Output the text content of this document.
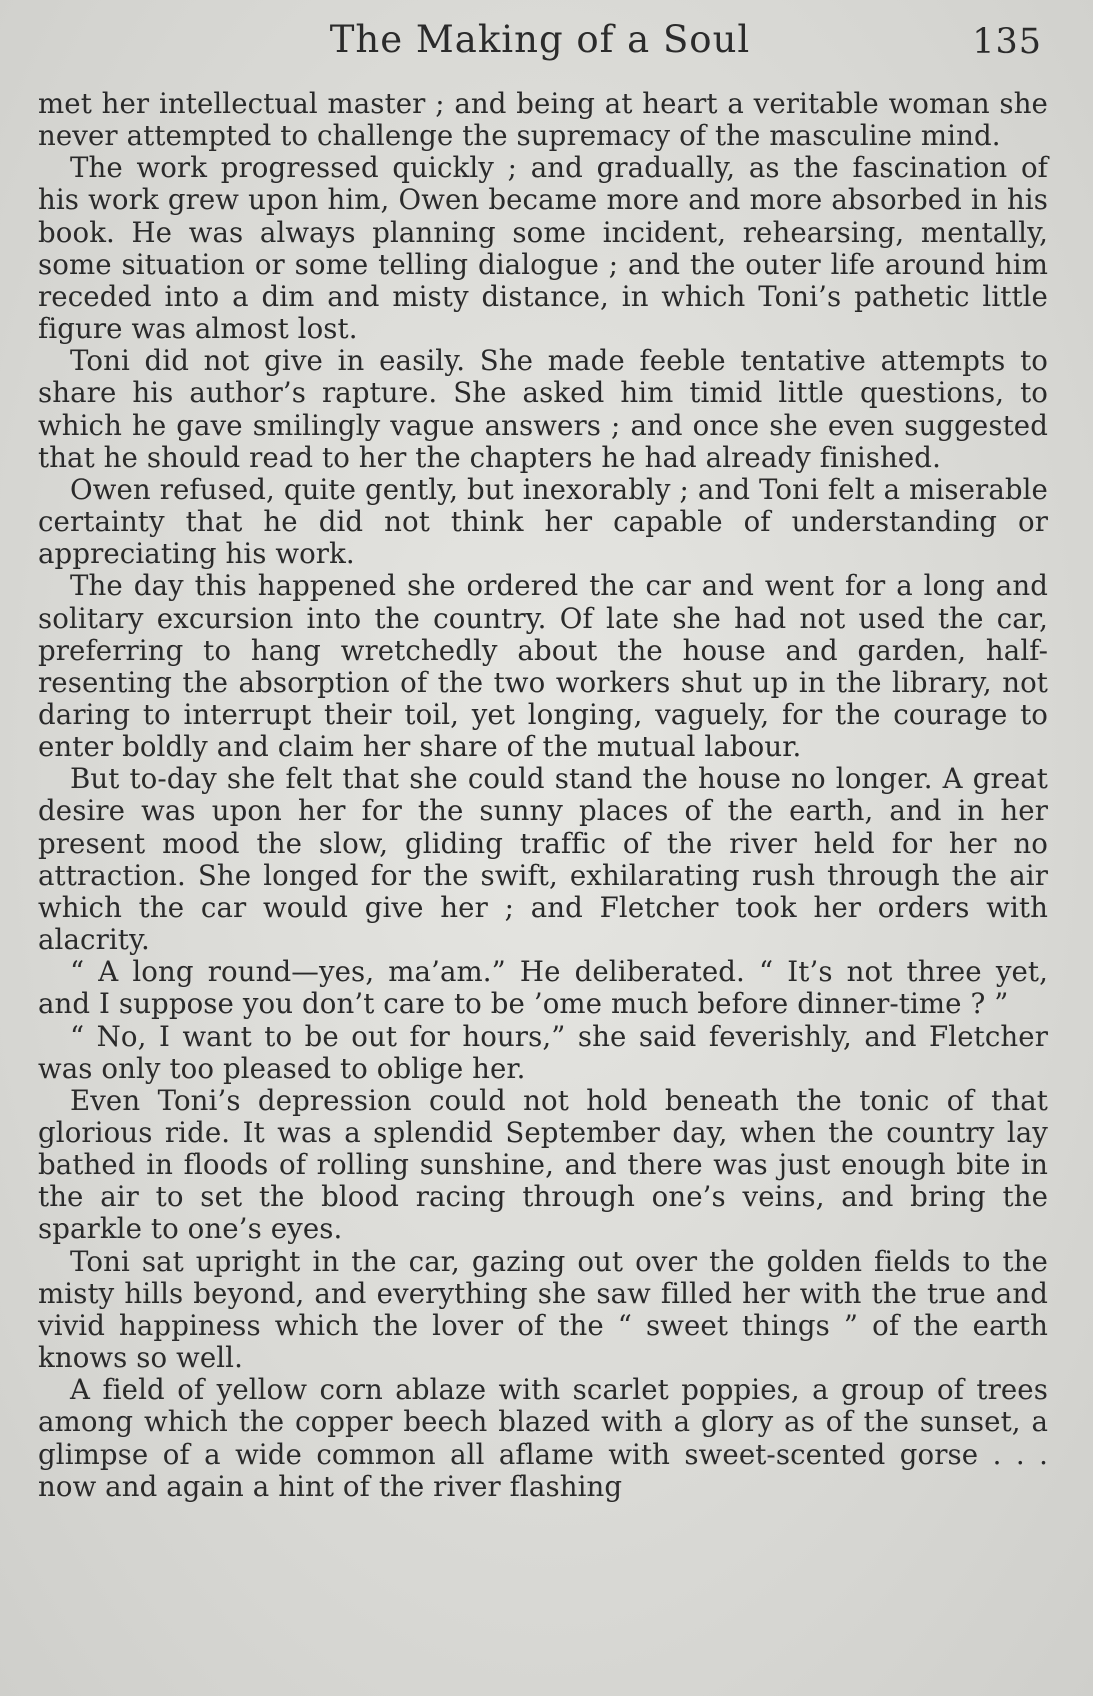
The Making of a Soul	135

met her intellectual master ; and being at heart a veritable woman she never attempted to challenge the supremacy of the masculine mind.

The work progressed quickly ; and gradually, as the fascination of his work grew upon him, Owen became more and more absorbed in his book. He was always planning some incident, rehearsing, mentally, some situation or some telling dialogue ; and the outer life around him receded into a dim and misty distance, in which Toni’s pathetic little figure was almost lost.

Toni did not give in easily. She made feeble tentative attempts to share his author’s rapture. She asked him timid little questions, to which he gave smilingly vague answers ; and once she even suggested that he should read to her the chapters he had already finished.

Owen refused, quite gently, but inexorably ; and Toni felt a miserable certainty that he did not think her capable of understanding or appreciating his work.

The day this happened she ordered the car and went for a long and solitary excursion into the country. Of late she had not used the car, preferring to hang wretchedly about the house and garden, half-resenting the absorption of the two workers shut up in the library, not daring to interrupt their toil, yet longing, vaguely, for the courage to enter boldly and claim her share of the mutual labour.

But to-day she felt that she could stand the house no longer. A great desire was upon her for the sunny places of the earth, and in her present mood the slow, gliding traffic of the river held for her no attraction. She longed for the swift, exhilarating rush through the air which the car would give her ; and Fletcher took her orders with alacrity.

“ A long round—yes, ma’am.” He deliberated. “ It’s not three yet, and I suppose you don’t care to be ’ome much before dinner-time ? ”

“ No, I want to be out for hours,” she said feverishly, and Fletcher was only too pleased to oblige her.

Even Toni’s depression could not hold beneath the tonic of that glorious ride. It was a splendid September day, when the country lay bathed in floods of rolling sunshine, and there was just enough bite in the air to set the blood racing through one’s veins, and bring the sparkle to one’s eyes.

Toni sat upright in the car, gazing out over the golden fields to the misty hills beyond, and everything she saw filled her with the true and vivid happiness which the lover of the “ sweet things ” of the earth knows so well.

A field of yellow corn ablaze with scarlet poppies, a group of trees among which the copper beech blazed with a glory as of the sunset, a glimpse of a wide common all aflame with sweet-scented gorse . . . now and again a hint of the river flashing
